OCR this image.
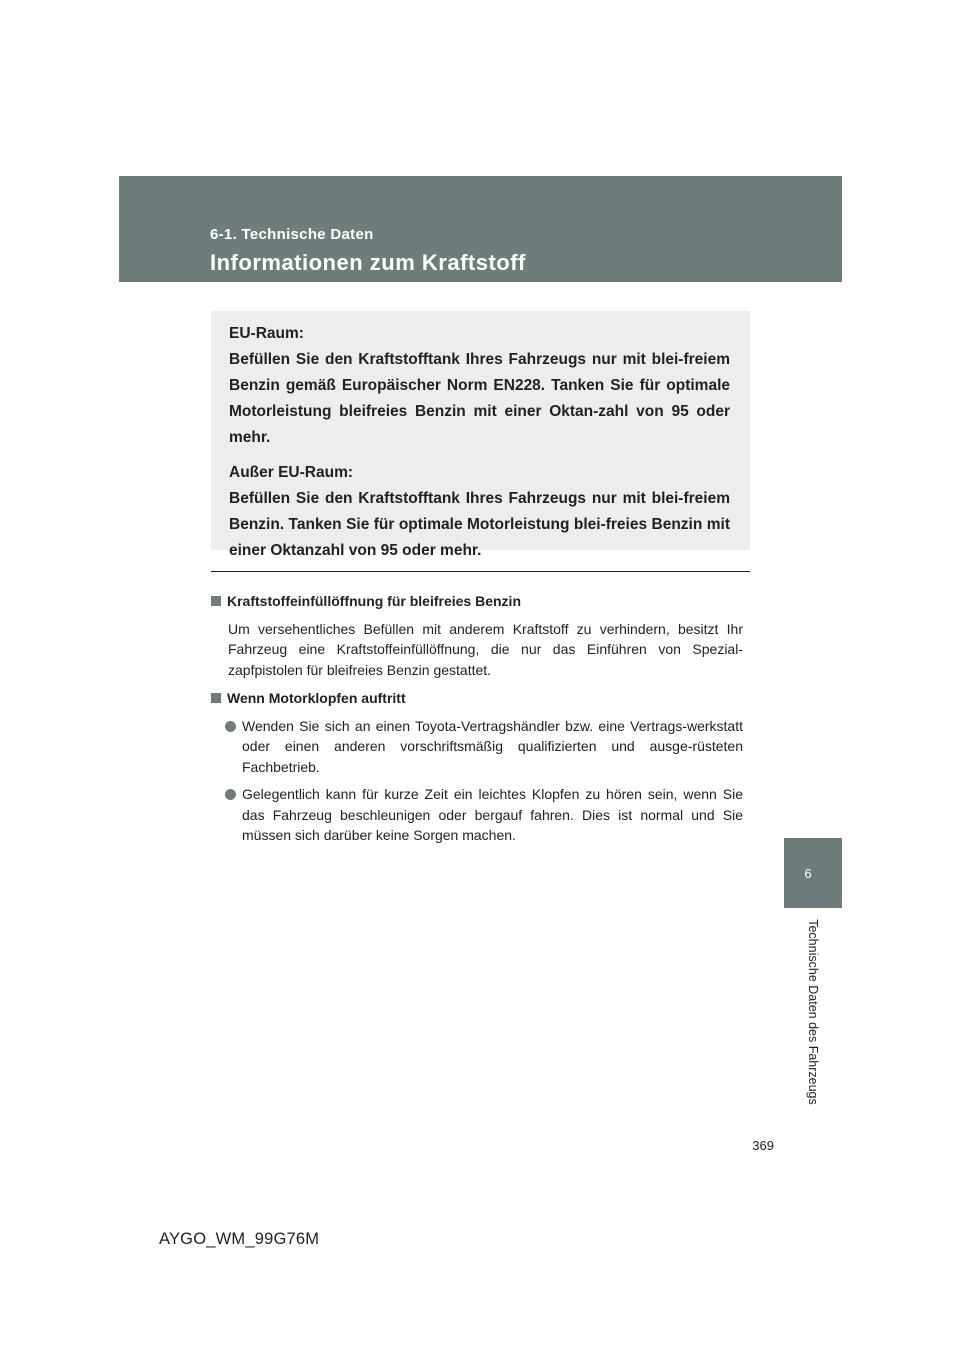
6-1. Technische Daten
Informationen zum Kraftstoff
EU-Raum:
Befüllen Sie den Kraftstofftank Ihres Fahrzeugs nur mit blei-freiem Benzin gemäß Europäischer Norm EN228. Tanken Sie für optimale Motorleistung bleifreies Benzin mit einer Oktan-zahl von 95 oder mehr.
Außer EU-Raum:
Befüllen Sie den Kraftstofftank Ihres Fahrzeugs nur mit blei-freiem Benzin. Tanken Sie für optimale Motorleistung blei-freies Benzin mit einer Oktanzahl von 95 oder mehr.
Kraftstoffeinfüllöffnung für bleifreies Benzin
Um versehentliches Befüllen mit anderem Kraftstoff zu verhindern, besitzt Ihr Fahrzeug eine Kraftstoffeinfüllöffnung, die nur das Einführen von Spezial-zapfpistolen für bleifreies Benzin gestattet.
Wenn Motorklopfen auftritt
Wenden Sie sich an einen Toyota-Vertragshändler bzw. eine Vertrags-werkstatt oder einen anderen vorschriftsmäßig qualifizierten und ausge-rüsteten Fachbetrieb.
Gelegentlich kann für kurze Zeit ein leichtes Klopfen zu hören sein, wenn Sie das Fahrzeug beschleunigen oder bergauf fahren. Dies ist normal und Sie müssen sich darüber keine Sorgen machen.
6
Technische Daten des Fahrzeugs
369
AYGO_WM_99G76M
